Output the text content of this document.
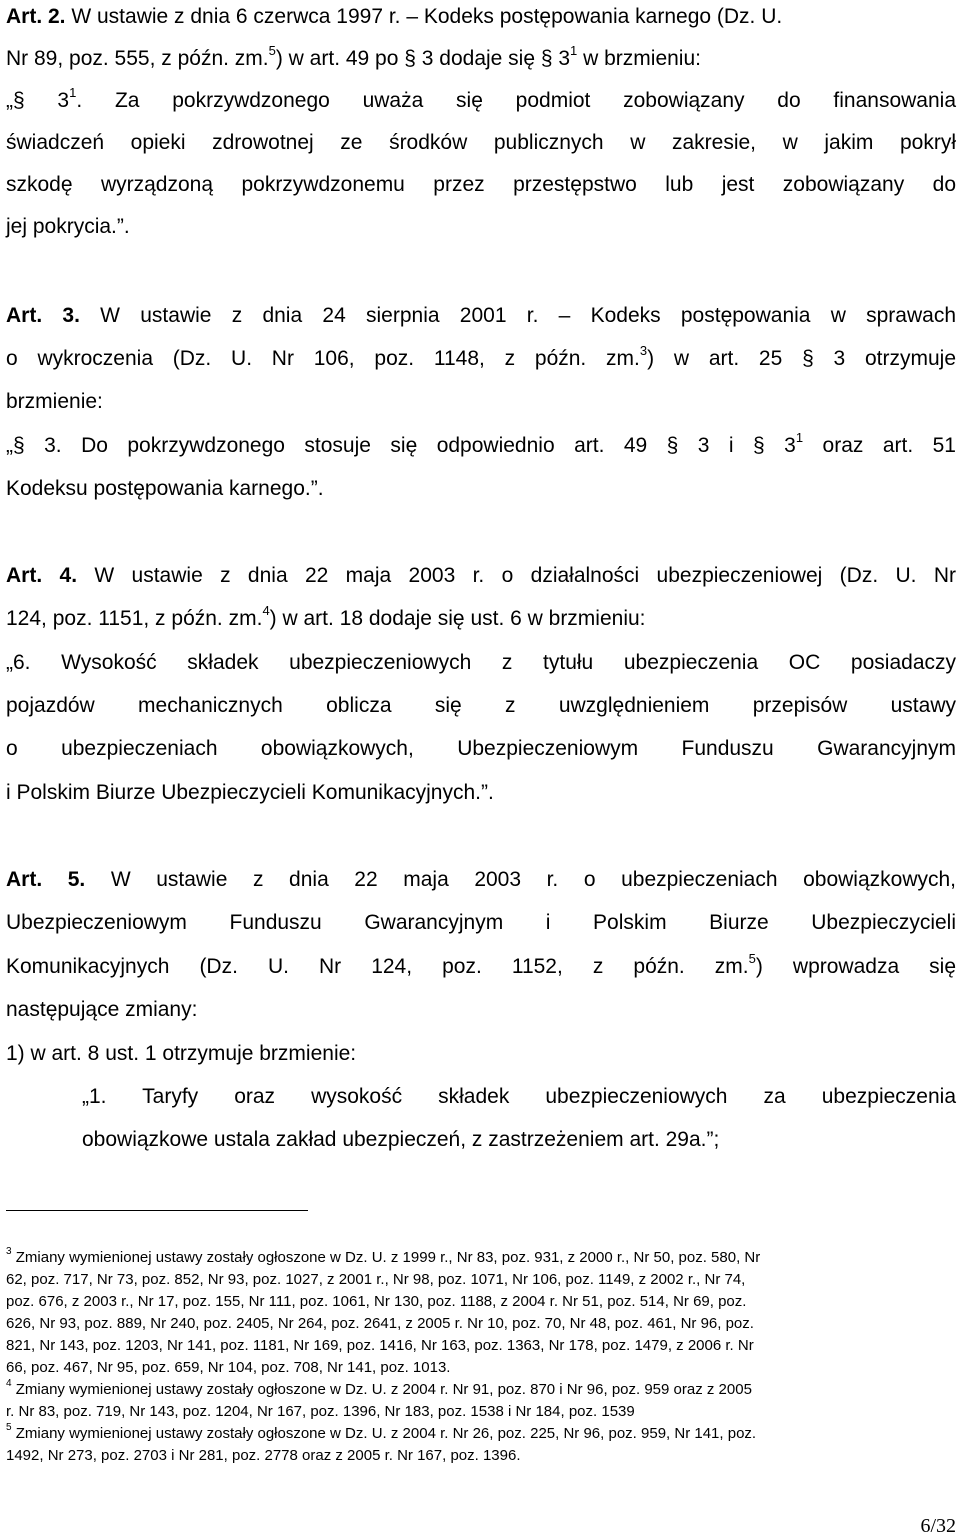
Art. 2. W ustawie z dnia 6 czerwca 1997 r. – Kodeks postępowania karnego (Dz. U.
Nr 89, poz. 555, z późn. zm.$^5$) w art. 49 po § 3 dodaje się § $3^1$ w brzmieniu:
„§ $3^1$. Za pokrzywdzonego uważa się podmiot zobowiązany do finansowania
świadczeń opieki zdrowotnej ze środków publicznych w zakresie, w jakim pokrył
szkodę wyrządzoną pokrzywdzonemu przez przestępstwo lub jest zobowiązany do
jej pokrycia.”.
Art. 3. W ustawie z dnia 24 sierpnia 2001 r. – Kodeks postępowania w sprawach
o wykroczenia (Dz. U. Nr 106, poz. 1148, z późn. zm.$^3$) w art. 25 § 3 otrzymuje
brzmienie:
„§ 3. Do pokrzywdzonego stosuje się odpowiednio art. 49 § 3 i § $3^1$ oraz art. 51
Kodeksu postępowania karnego.”.
Art. 4. W ustawie z dnia 22 maja 2003 r. o działalności ubezpieczeniowej (Dz. U. Nr
124, poz. 1151, z późn. zm.$^4$) w art. 18 dodaje się ust. 6 w brzmieniu:
„6. Wysokość składek ubezpieczeniowych z tytułu ubezpieczenia OC posiadaczy
pojazdów mechanicznych oblicza się z uwzględnieniem przepisów ustawy
o ubezpieczeniach obowiązkowych, Ubezpieczeniowym Funduszu Gwarancyjnym
i Polskim Biurze Ubezpieczycieli Komunikacyjnych.”.
Art. 5. W ustawie z dnia 22 maja 2003 r. o ubezpieczeniach obowiązkowych,
Ubezpieczeniowym Funduszu Gwarancyjnym i Polskim Biurze Ubezpieczycieli
Komunikacyjnych (Dz. U. Nr 124, poz. 1152, z późn. zm.$^5$) wprowadza się
następujące zmiany:
1) w art. 8 ust. 1 otrzymuje brzmienie:
„1. Taryfy oraz wysokość składek ubezpieczeniowych za ubezpieczenia
obowiązkowe ustala zakład ubezpieczeń, z zastrzeżeniem art. 29a.”;
$^3$ Zmiany wymienionej ustawy zostały ogłoszone w Dz. U. z 1999 r., Nr 83, poz. 931, z 2000 r., Nr 50, poz. 580, Nr
62, poz. 717, Nr 73, poz. 852, Nr 93, poz. 1027, z 2001 r., Nr 98, poz. 1071, Nr 106, poz. 1149, z 2002 r., Nr 74,
poz. 676, z 2003 r., Nr 17, poz. 155, Nr 111, poz. 1061, Nr 130, poz. 1188, z 2004 r. Nr 51, poz. 514, Nr 69, poz.
626, Nr 93, poz. 889, Nr 240, poz. 2405, Nr 264, poz. 2641, z 2005 r. Nr 10, poz. 70, Nr 48, poz. 461, Nr 96, poz.
821, Nr 143, poz. 1203, Nr 141, poz. 1181, Nr 169, poz. 1416, Nr 163, poz. 1363, Nr 178, poz. 1479, z 2006 r. Nr
66, poz. 467, Nr 95, poz. 659, Nr 104, poz. 708, Nr 141, poz. 1013.
$^4$ Zmiany wymienionej ustawy zostały ogłoszone w Dz. U. z 2004 r. Nr 91, poz. 870 i Nr 96, poz. 959 oraz z 2005
r. Nr 83, poz. 719, Nr 143, poz. 1204, Nr 167, poz. 1396, Nr 183, poz. 1538 i Nr 184, poz. 1539
$^5$ Zmiany wymienionej ustawy zostały ogłoszone w Dz. U. z 2004 r. Nr 26, poz. 225, Nr 96, poz. 959, Nr 141, poz.
1492, Nr 273, poz. 2703 i Nr 281, poz. 2778 oraz z 2005 r. Nr 167, poz. 1396.
6/32
